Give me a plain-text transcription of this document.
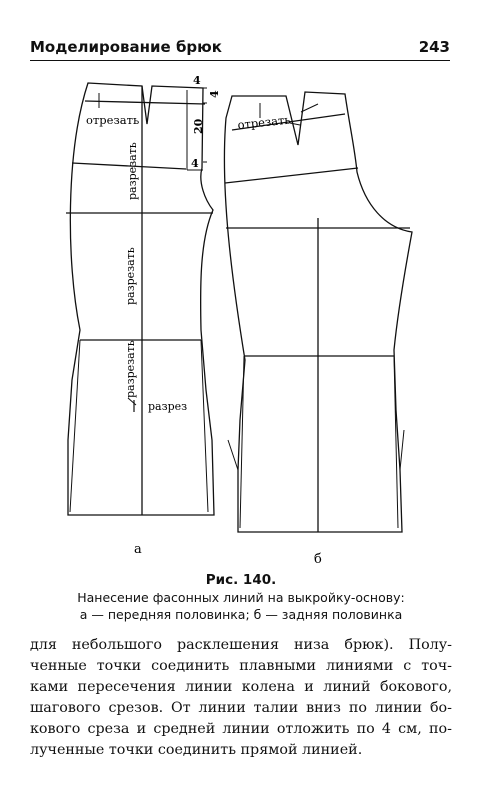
Моделирование брюк	243
отрезать
разрезать
разрезать
разрезать
разрез
4
4
20
4
а
отрезать
б
Рис. 140.
Нанесение фасонных линий на выкройку-основу:
а — передняя половинка; б — задняя половинка
для небольшого расклешения низа брюк). Полу-
ченные точки соединить плавными линиями с точ-
ками пересечения линии колена и линий бокового,
шагового срезов. От линии талии вниз по линии бо-
кового среза и средней линии отложить по 4 см, по-
лученные точки соединить прямой линией.
